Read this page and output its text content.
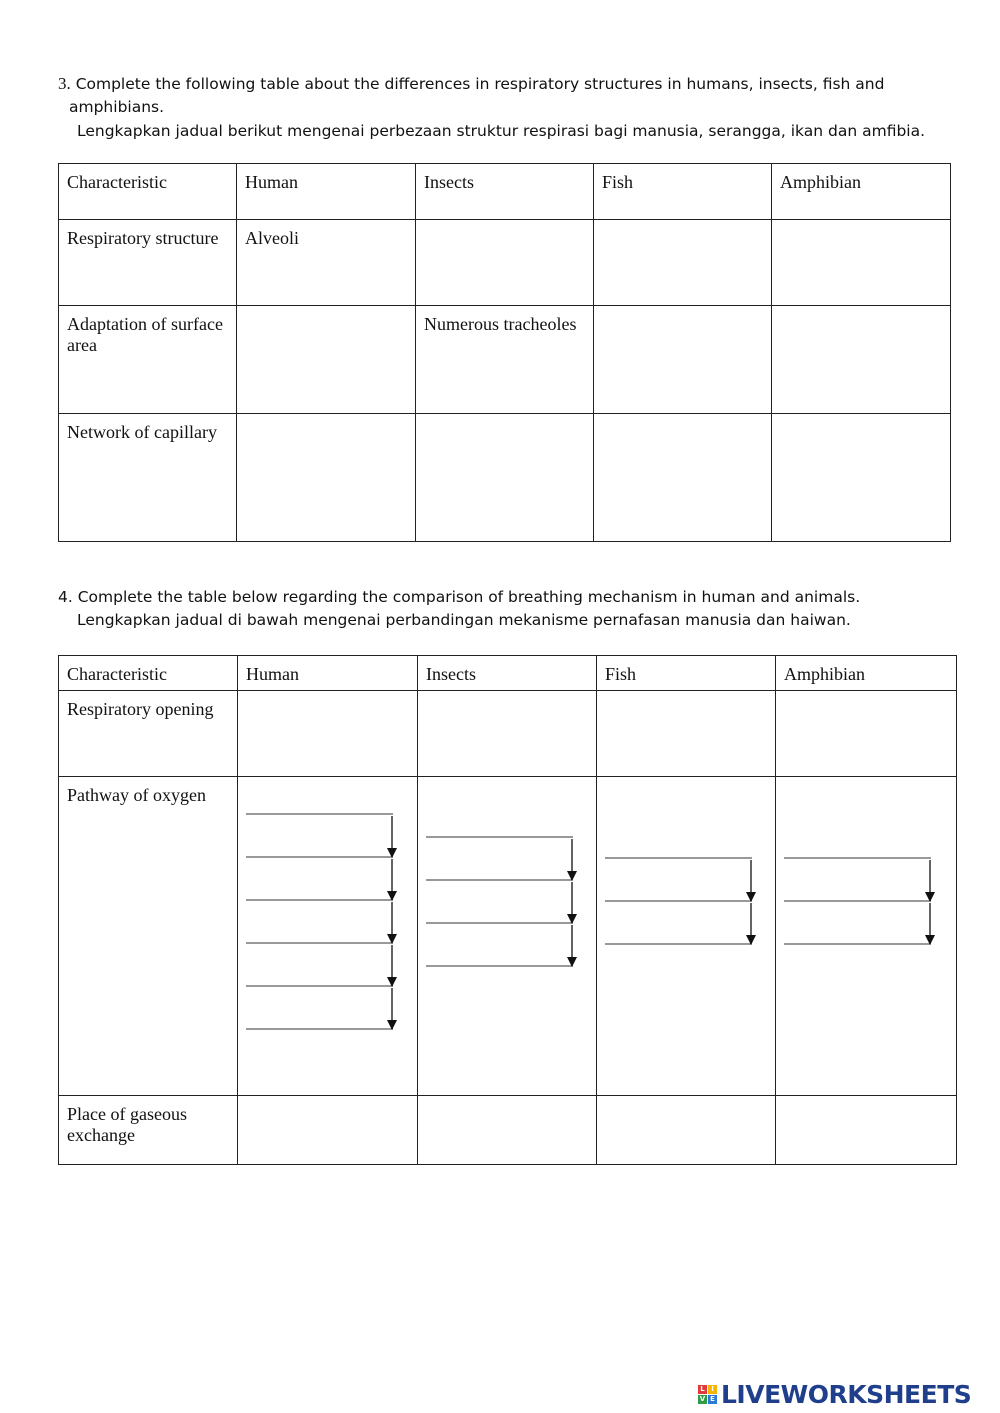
3. Complete the following table about the differences in respiratory structures in humans, insects, fish and
amphibians.
Lengkapkan jadual berikut mengenai perbezaan struktur respirasi bagi manusia, serangga, ikan dan amfibia.
Characteristic	Human	Insects	Fish	Amphibian
Respiratory structure	Alveoli			
Adaptation of surface area		Numerous tracheoles		
Network of capillary				
4. Complete the table below regarding the comparison of breathing mechanism in human and animals.
Lengkapkan jadual di bawah mengenai perbandingan mekanisme pernafasan manusia dan haiwan.
Characteristic	Human	Insects	Fish	Amphibian
Respiratory opening				
Pathway of oxygen	

Place of gaseous exchange				
L I
V E LIVEWORKSHEETS
